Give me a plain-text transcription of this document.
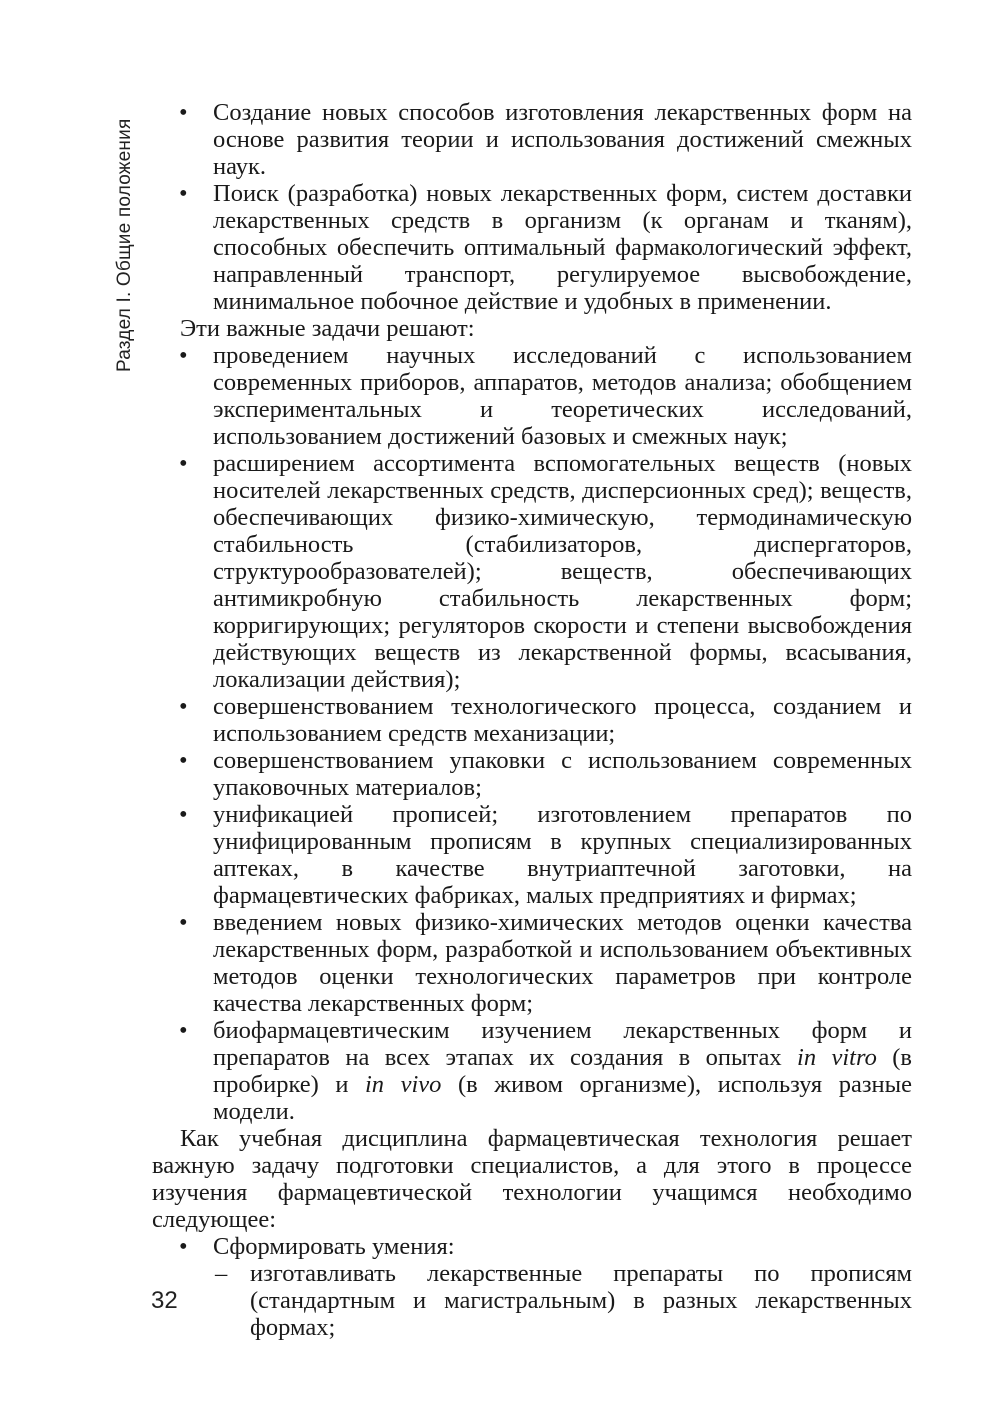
Раздел I. Общие положения
• Создание новых способов изготовления лекарственных форм на основе развития теории и использования достижений смежных наук.
• Поиск (разработка) новых лекарственных форм, систем доставки лекарственных средств в организм (к органам и тканям), способных обеспечить оптимальный фармакологический эффект, направленный транспорт, регулируемое высвобождение, минимальное побочное действие и удобных в применении.

Эти важные задачи решают:

• проведением научных исследований с использованием современных приборов, аппаратов, методов анализа; обобщением экспериментальных и теоретических исследований, использованием достижений базовых и смежных наук;
• расширением ассортимента вспомогательных веществ (новых носителей лекарственных средств, дисперсионных сред); веществ, обеспечивающих физико-химическую, термодинамическую стабильность (стабилизаторов, диспергаторов, структурообразователей); веществ, обеспечивающих антимикробную стабильность лекарственных форм; корригирующих; регуляторов скорости и степени высвобождения действующих веществ из лекарственной формы, всасывания, локализации действия);
• совершенствованием технологического процесса, созданием и использованием средств механизации;
• совершенствованием упаковки с использованием современных упаковочных материалов;
• унификацией прописей; изготовлением препаратов по унифицированным прописям в крупных специализированных аптеках, в качестве внутриаптечной заготовки, на фармацевтических фабриках, малых предприятиях и фирмах;
• введением новых физико-химических методов оценки качества лекарственных форм, разработкой и использованием объективных методов оценки технологических параметров при контроле качества лекарственных форм;
• биофармацевтическим изучением лекарственных форм и препаратов на всех этапах их создания в опытах in vitro (в пробирке) и in vivo (в живом организме), используя разные модели.

Как учебная дисциплина фармацевтическая технология решает важную задачу подготовки специалистов, а для этого в процессе изучения фармацевтической технологии учащимся необходимо следующее:

• Сформировать умения:
– изготавливать лекарственные препараты по прописям (стандартным и магистральным) в разных лекарственных формах;
32
